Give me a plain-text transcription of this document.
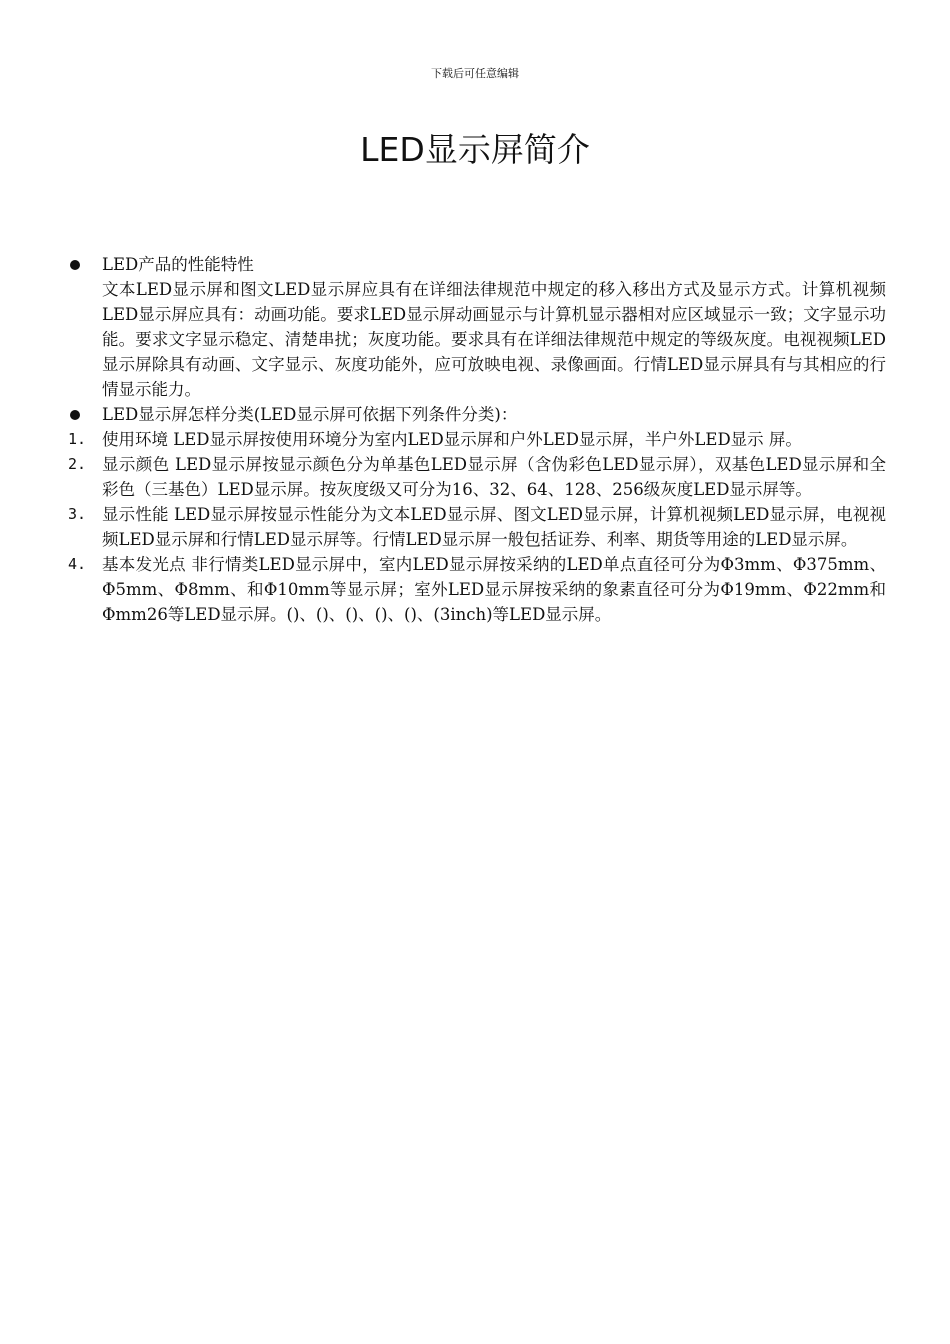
下载后可任意编辑
LED显示屏简介
LED产品的性能特性
文本LED显示屏和图文LED显示屏应具有在详细法律规范中规定的移入移出方式及显示方式。计算机视频LED显示屏应具有：动画功能。要求LED显示屏动画显示与计算机显示器相对应区域显示一致；文字显示功能。要求文字显示稳定、清楚串扰；灰度功能。要求具有在详细法律规范中规定的等级灰度。电视视频LED显示屏除具有动画、文字显示、灰度功能外，应可放映电视、录像画面。行情LED显示屏具有与其相应的行情显示能力。
LED显示屏怎样分类(LED显示屏可依据下列条件分类)：
1. 使用环境 LED显示屏按使用环境分为室内LED显示屏和户外LED显示屏，半户外LED显示 屏。
2. 显示颜色 LED显示屏按显示颜色分为单基色LED显示屏（含伪彩色LED显示屏），双基色LED显示屏和全彩色（三基色）LED显示屏。按灰度级又可分为16、32、64、128、256级灰度LED显示屏等。
3. 显示性能 LED显示屏按显示性能分为文本LED显示屏、图文LED显示屏，计算机视频LED显示屏，电视视频LED显示屏和行情LED显示屏等。行情LED显示屏一般包括证券、利率、期货等用途的LED显示屏。
4. 基本发光点 非行情类LED显示屏中，室内LED显示屏按采纳的LED单点直径可分为Φ3mm、Φ375mm、Φ5mm、Φ8mm、和Φ10mm等显示屏；室外LED显示屏按采纳的象素直径可分为Φ19mm、Φ22mm和Φmm26等LED显示屏。()、()、()、()、()、(3inch)等LED显示屏。
